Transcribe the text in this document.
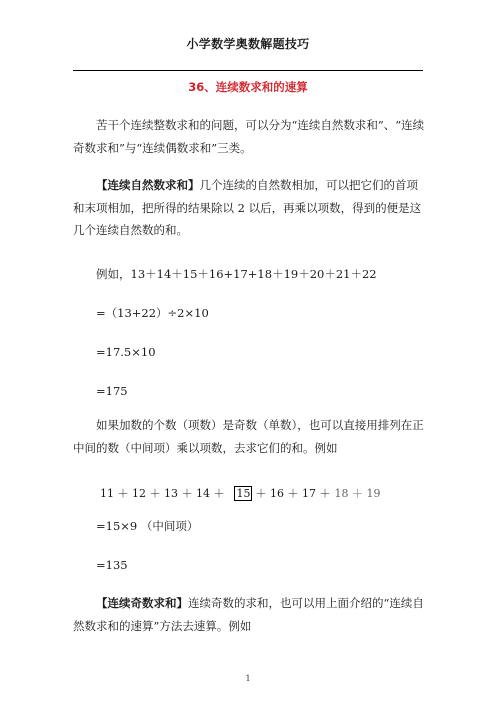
小学数学奥数解题技巧
36、连续数求和的速算
苦干个连续整数求和的问题，可以分为“连续自然数求和”、“连续奇数求和”与“连续偶数求和”三类。
【连续自然数求和】几个连续的自然数相加，可以把它们的首项和末项相加，把所得的结果除以 2 以后，再乘以项数，得到的便是这几个连续自然数的和。
例如，13＋14＋15＋16+17+18＋19＋20＋21＋22
=（13+22）÷2×10
=17.5×10
=175
如果加数的个数（项数）是奇数（单数），也可以直接用排列在正中间的数（中间项）乘以项数，去求它们的和。例如
11 ＋ 12 ＋ 13 ＋ 14 ＋ 15 ＋ 16 ＋ 17 ＋ 18 ＋ 19
=15×9 （中间项）
=135
【连续奇数求和】连续奇数的求和，也可以用上面介绍的“连续自然数求和的速算”方法去速算。例如
1
